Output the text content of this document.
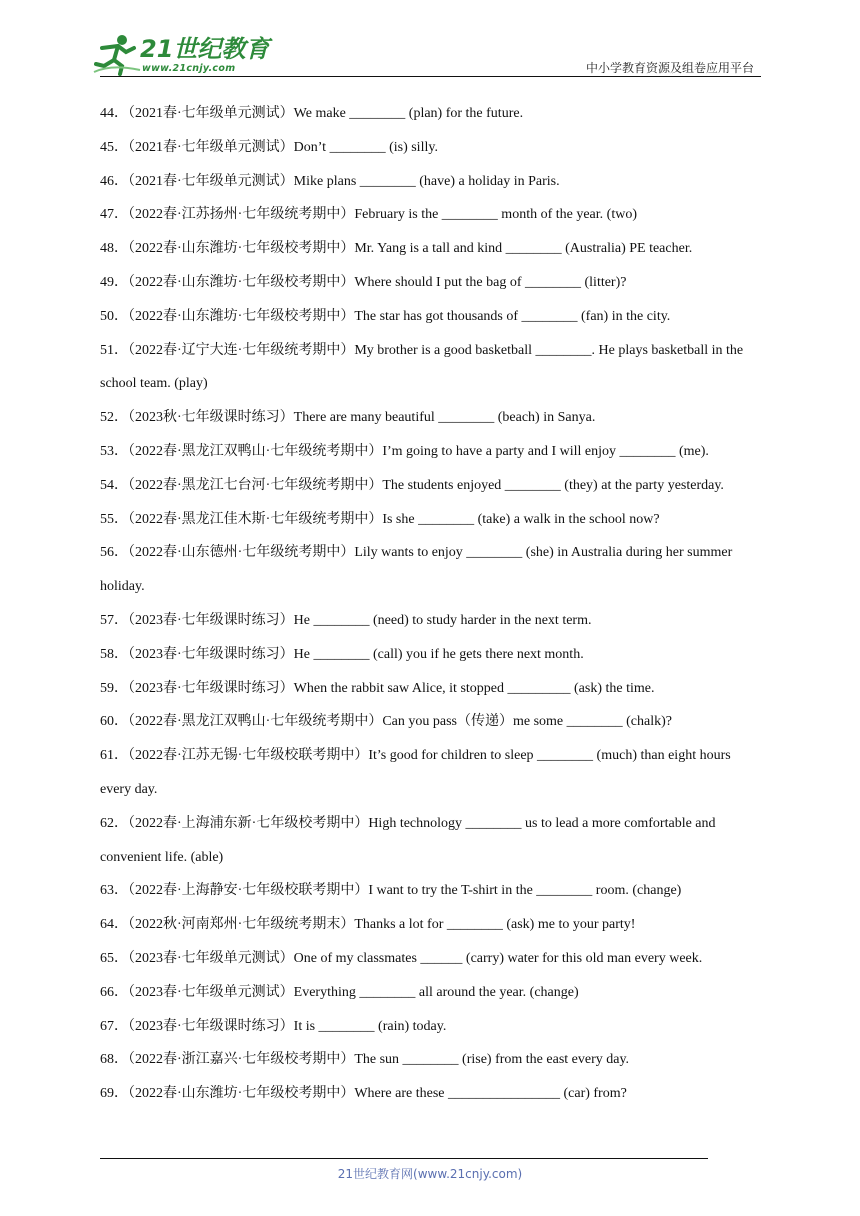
21世纪教育
www.21cnjy.com	中小学教育资源及组卷应用平台
44．（2021春·七年级单元测试）We make ________ (plan) for the future.
45．（2021春·七年级单元测试）Don’t ________ (is) silly.
46．（2021春·七年级单元测试）Mike plans ________ (have) a holiday in Paris.
47．（2022春·江苏扬州·七年级统考期中）February is the ________ month of the year. (two)
48．（2022春·山东潍坊·七年级校考期中）Mr. Yang is a tall and kind ________ (Australia) PE teacher.
49．（2022春·山东潍坊·七年级校考期中）Where should I put the bag of ________ (litter)?
50．（2022春·山东潍坊·七年级校考期中）The star has got thousands of ________ (fan) in the city.
51．（2022春·辽宁大连·七年级统考期中）My brother is a good basketball ________. He plays basketball in the school team. (play)
52．（2023秋·七年级课时练习）There are many beautiful ________ (beach) in Sanya.
53．（2022春·黑龙江双鸭山·七年级统考期中）I’m going to have a party and I will enjoy ________ (me).
54．（2022春·黑龙江七台河·七年级统考期中）The students enjoyed ________ (they) at the party yesterday.
55．（2022春·黑龙江佳木斯·七年级统考期中）Is she ________ (take) a walk in the school now?
56．（2022春·山东德州·七年级统考期中）Lily wants to enjoy ________ (she) in Australia during her summer holiday.
57．（2023春·七年级课时练习）He ________ (need) to study harder in the next term.
58．（2023春·七年级课时练习）He ________ (call) you if he gets there next month.
59．（2023春·七年级课时练习）When the rabbit saw Alice, it stopped _________ (ask) the time.
60．（2022春·黑龙江双鸭山·七年级统考期中）Can you pass（传递）me some ________ (chalk)?
61．（2022春·江苏无锡·七年级校联考期中）It’s good for children to sleep ________ (much) than eight hours every day.
62．（2022春·上海浦东新·七年级校考期中）High technology ________ us to lead a more comfortable and convenient life. (able)
63．（2022春·上海静安·七年级校联考期中）I want to try the T-shirt in the ________ room. (change)
64．（2022秋·河南郑州·七年级统考期末）Thanks a lot for ________ (ask) me to your party!
65．（2023春·七年级单元测试）One of my classmates ______ (carry) water for this old man every week.
66．（2023春·七年级单元测试）Everything ________ all around the year. (change)
67．（2023春·七年级课时练习）It is ________ (rain) today.
68．（2022春·浙江嘉兴·七年级校考期中）The sun ________ (rise) from the east every day.
69．（2022春·山东潍坊·七年级校考期中）Where are these ________________ (car) from?
21世纪教育网(www.21cnjy.com)
